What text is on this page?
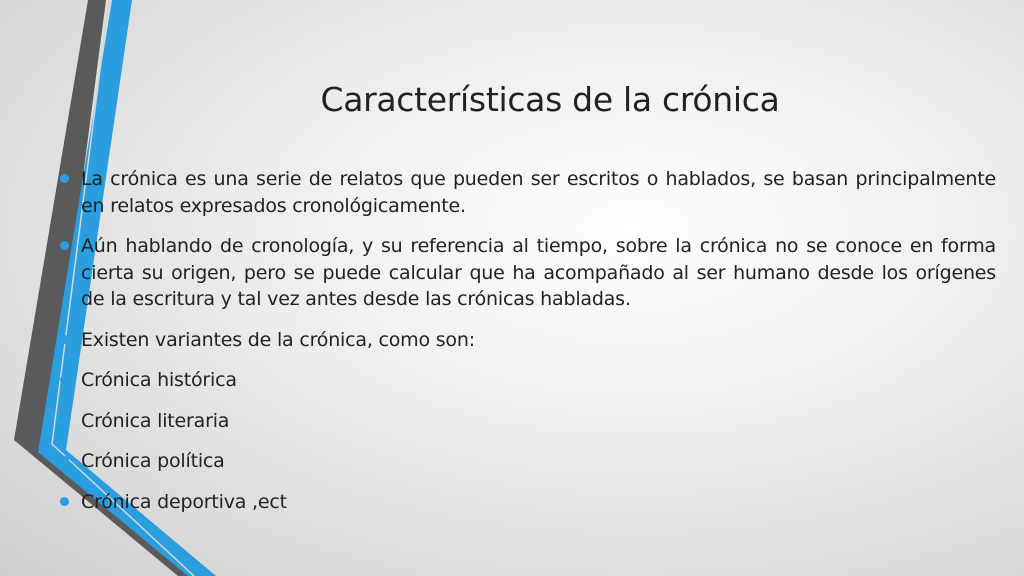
Características de la crónica
La crónica es una serie de relatos que pueden ser escritos o hablados, se basan principalmente en relatos expresados cronológicamente.
Aún hablando de cronología, y su referencia al tiempo, sobre la crónica no se conoce en forma cierta su origen, pero se puede calcular que ha acompañado al ser humano desde los orígenes de la escritura y tal vez antes desde las crónicas habladas.
Existen variantes de la crónica, como son:
Crónica histórica
Crónica literaria
Crónica política
Crónica deportiva ,ect
